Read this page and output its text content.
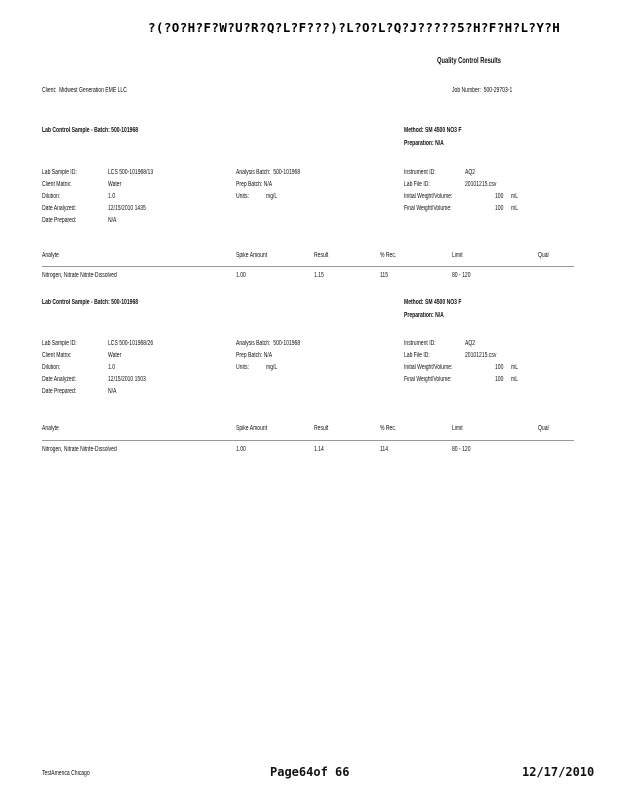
?(?O?H?F?W?U?R?Q?L?F???)?L?O?L?Q?J?????5?H?F?H?L?Y?H
Quality Control Results
Client: Midwest Generation EME LLC	Job Number: 500-29703-1
Lab Control Sample - Batch: 500-101968	Method: SM 4500 NO3 F
Preparation: N/A
Lab Sample ID:	LCS 500-101968/13
Client Matrix:	Water
Dilution:	1.0
Date Analyzed:	12/15/2010 1435
Date Prepared:	N/A
Analysis Batch: 500-101968
Prep Batch: N/A
Units:	mg/L
Instrument ID:	AQ2
Lab File ID:	20101215.csv
Initial Weight/Volume:	100	mL
Final Weight/Volume:	100	mL
Analyte	Spike Amount	Result	% Rec.	Limit	Qual
Nitrogen, Nitrate Nitrite-Dissolved	1.00	1.15	115	80 - 120
Lab Control Sample - Batch: 500-101968	Method: SM 4500 NO3 F
Preparation: N/A
Lab Sample ID:	LCS 500-101968/26
Client Matrix:	Water
Dilution:	1.0
Date Analyzed:	12/15/2010 1503
Date Prepared:	N/A
Analysis Batch: 500-101968
Prep Batch: N/A
Units:	mg/L
Instrument ID:	AQ2
Lab File ID:	20101215.csv
Initial Weight/Volume:	100	mL
Final Weight/Volume:	100	mL
Analyte	Spike Amount	Result	% Rec.	Limit	Qual
Nitrogen, Nitrate Nitrite-Dissolved	1.00	1.14	114	80 - 120
TestAmerica Chicago	Page64of 66	12/17/2010
